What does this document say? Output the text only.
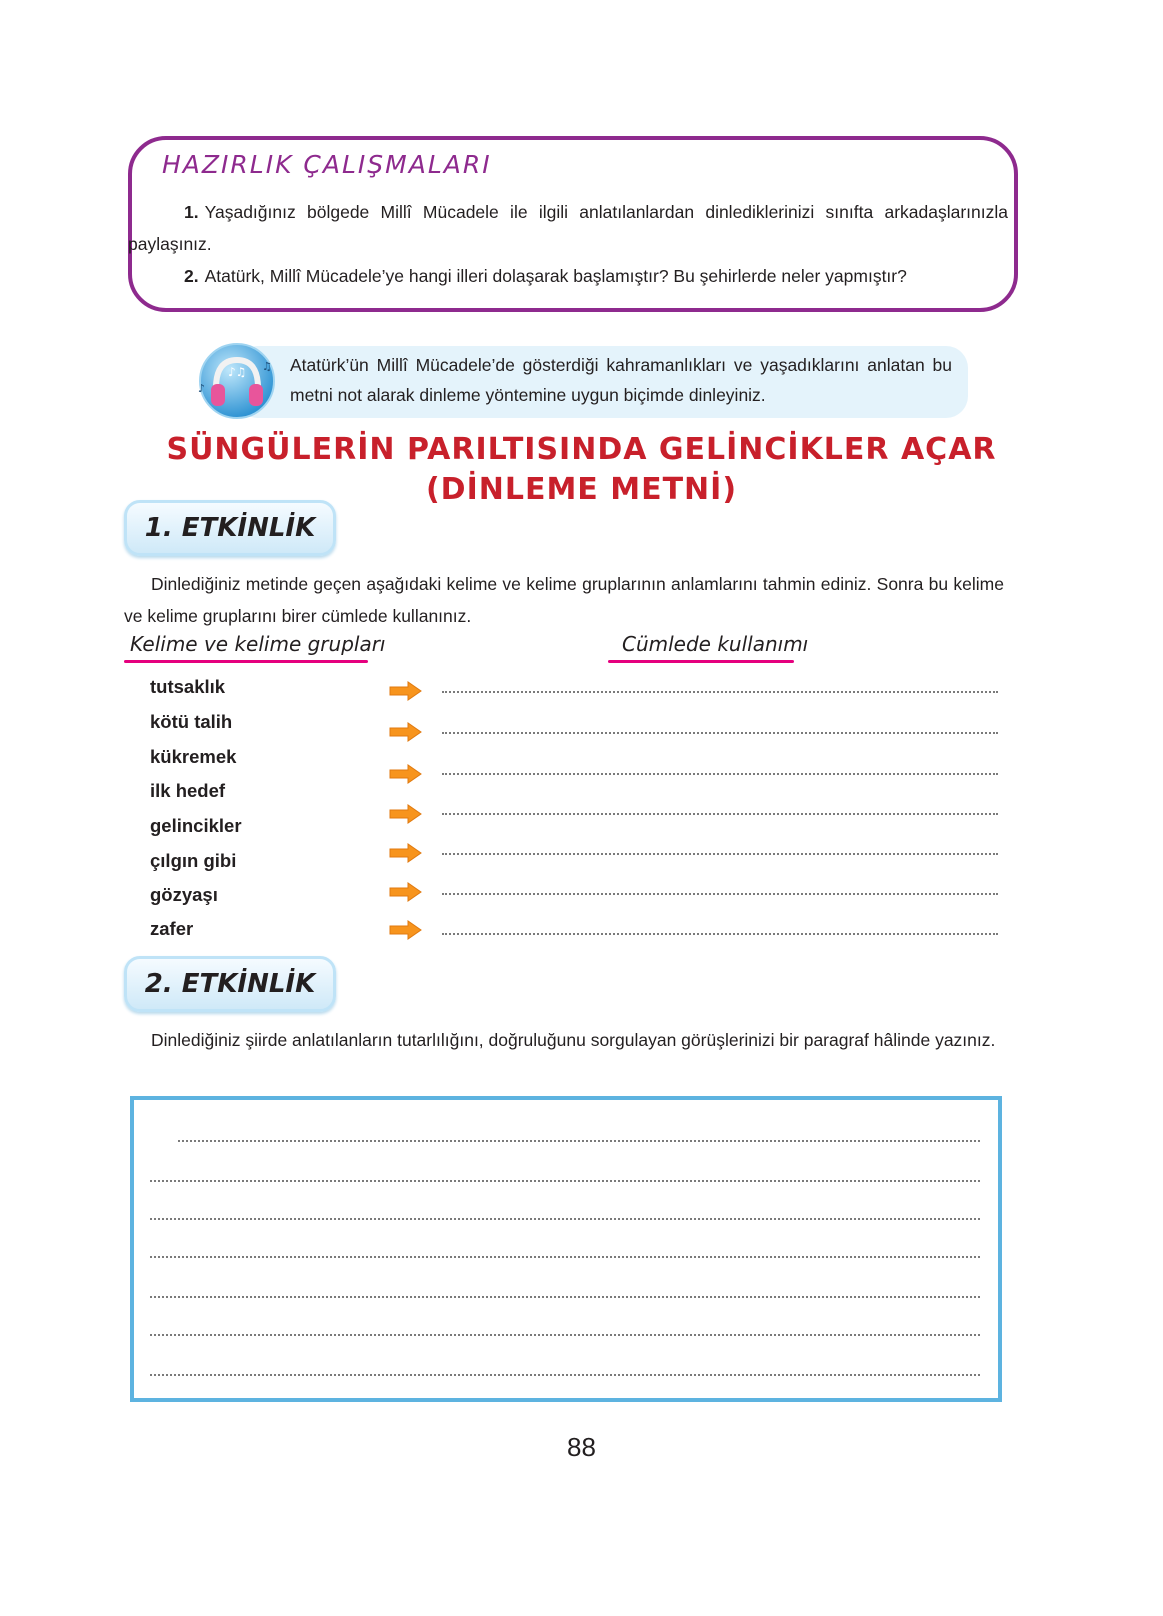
HAZIRLIK ÇALIŞMALARI
1. Yaşadığınız bölgede Millî Mücadele ile ilgili anlatılanlardan dinlediklerinizi sınıfta arkadaşlarınızla paylaşınız.
2. Atatürk, Millî Mücadele’ye hangi illeri dolaşarak başlamıştır? Bu şehirlerde neler yapmıştır?
♪♫
♪
♫ Atatürk’ün Millî Mücadele’de gösterdiği kahramanlıkları ve yaşadıklarını anlatan bu metni not alarak dinleme yöntemine uygun biçimde dinleyiniz.
SÜNGÜLERİN PARILTISINDA GELİNCİKLER AÇAR
(DİNLEME METNİ)
1. ETKİNLİK
Dinlediğiniz metinde geçen aşağıdaki kelime ve kelime gruplarının anlamlarını tahmin ediniz. Sonra bu kelime ve kelime gruplarını birer cümlede kullanınız.
Kelime ve kelime grupları	Cümlede kullanımı
tutsaklık
kötü talih
kükremek
ilk hedef
gelincikler
çılgın gibi
gözyaşı
zafer
2. ETKİNLİK
Dinlediğiniz şiirde anlatılanların tutarlılığını, doğruluğunu sorgulayan görüşlerinizi bir paragraf hâlinde yazınız.
88
